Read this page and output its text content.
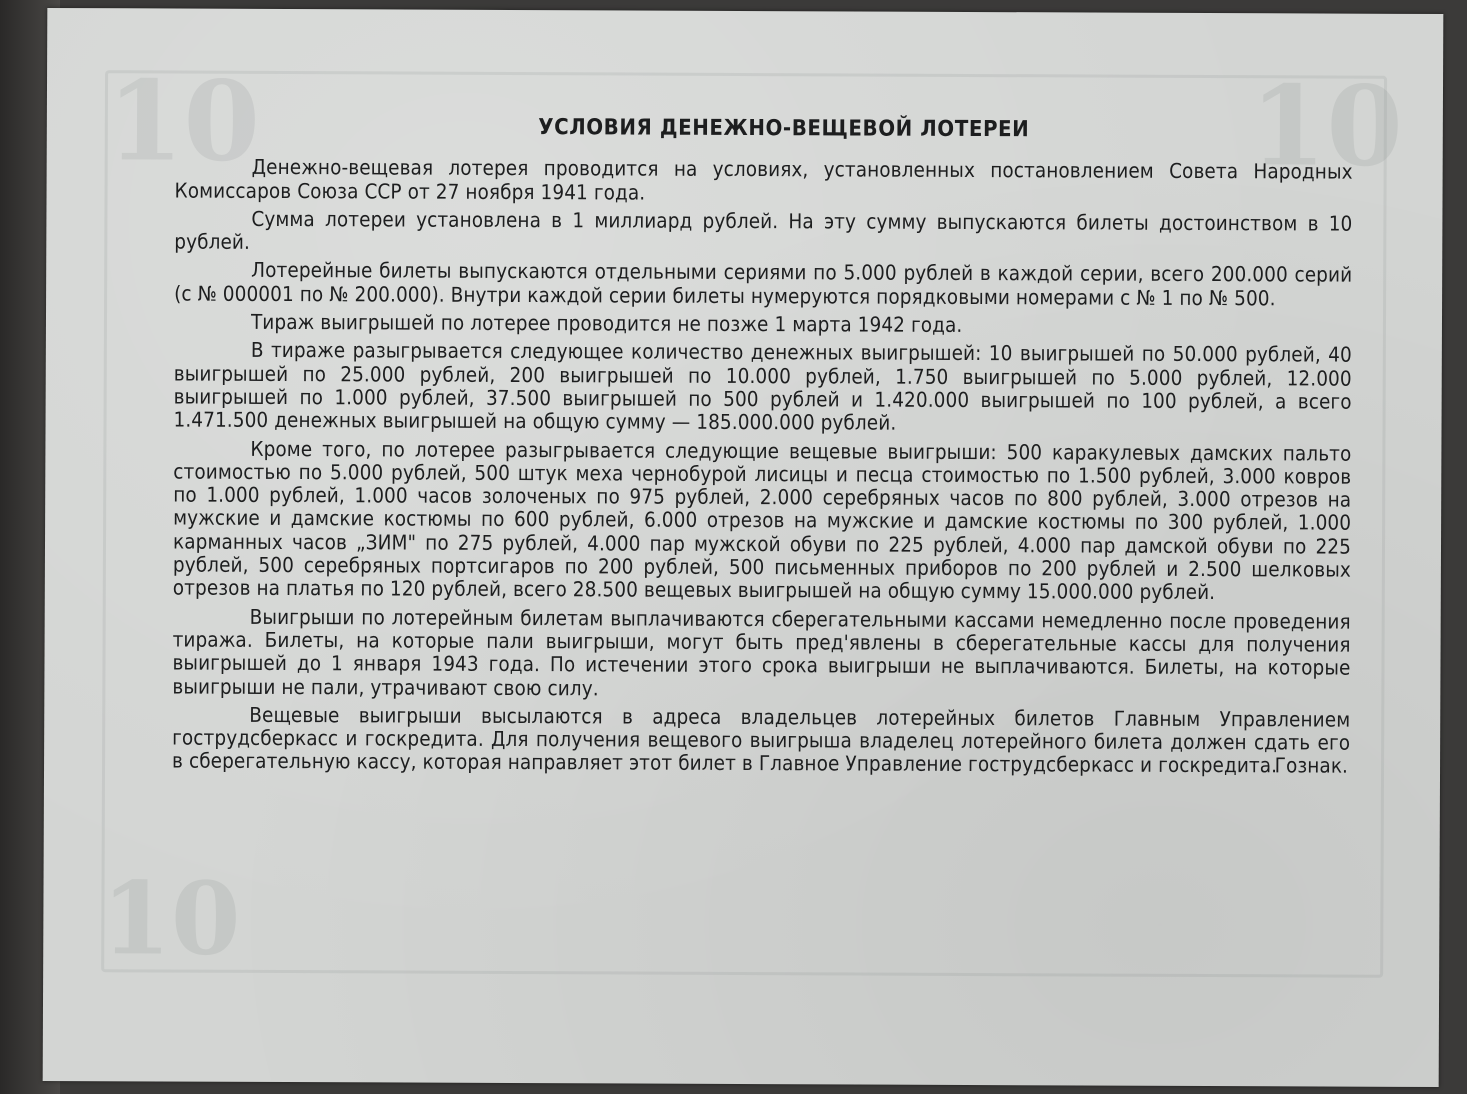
10	10
10
УСЛОВИЯ ДЕНЕЖНО-ВЕЩЕВОЙ ЛОТЕРЕИ

Денежно-вещевая лотерея проводится на условиях, установленных постановлением Совета Народных Комиссаров Союза ССР от 27 ноября 1941 года.

Сумма лотереи установлена в 1 миллиард рублей. На эту сумму выпускаются билеты достоинством в 10 рублей.

Лотерейные билеты выпускаются отдельными сериями по 5.000 рублей в каждой серии, всего 200.000 серий (с № 000001 по № 200.000). Внутри каждой серии билеты нумеруются порядковыми номерами с № 1 по № 500.

Тираж выигрышей по лотерее проводится не позже 1 марта 1942 года.

В тираже разыгрывается следующее количество денежных выигрышей: 10 выигрышей по 50.000 рублей, 40 выигрышей по 25.000 рублей, 200 выигрышей по 10.000 рублей, 1.750 выигрышей по 5.000 рублей, 12.000 выигрышей по 1.000 рублей, 37.500 выигрышей по 500 рублей и 1.420.000 выигрышей по 100 рублей, а всего 1.471.500 денежных выигрышей на общую сумму — 185.000.000 рублей.

Кроме того, по лотерее разыгрывается следующие вещевые выигрыши: 500 каракулевых дамских пальто стоимостью по 5.000 рублей, 500 штук меха чернобурой лисицы и песца стоимостью по 1.500 рублей, 3.000 ковров по 1.000 рублей, 1.000 часов золоченых по 975 рублей, 2.000 серебряных часов по 800 рублей, 3.000 отрезов на мужские и дамские костюмы по 600 рублей, 6.000 отрезов на мужские и дамские костюмы по 300 рублей, 1.000 карманных часов „ЗИМ" по 275 рублей, 4.000 пар мужской обуви по 225 рублей, 4.000 пар дамской обуви по 225 рублей, 500 серебряных портсигаров по 200 рублей, 500 письменных приборов по 200 рублей и 2.500 шелковых отрезов на платья по 120 рублей, всего 28.500 вещевых выигрышей на общую сумму 15.000.000 рублей.

Выигрыши по лотерейным билетам выплачиваются сберегательными кассами немедленно после проведения тиража. Билеты, на которые пали выигрыши, могут быть пред'явлены в сберегательные кассы для получения выигрышей до 1 января 1943 года. По истечении этого срока выигрыши не выплачиваются. Билеты, на которые выигрыши не пали, утрачивают свою силу.

Вещевые выигрыши высылаются в адреса владельцев лотерейных билетов Главным Управлением гострудсберкасс и госкредита. Для получения вещевого выигрыша владелец лотерейного билета должен сдать его в сберегательную кассу, которая направляет этот билет в Главное Управление гострудсберкасс и госкредита.

Гознак.
